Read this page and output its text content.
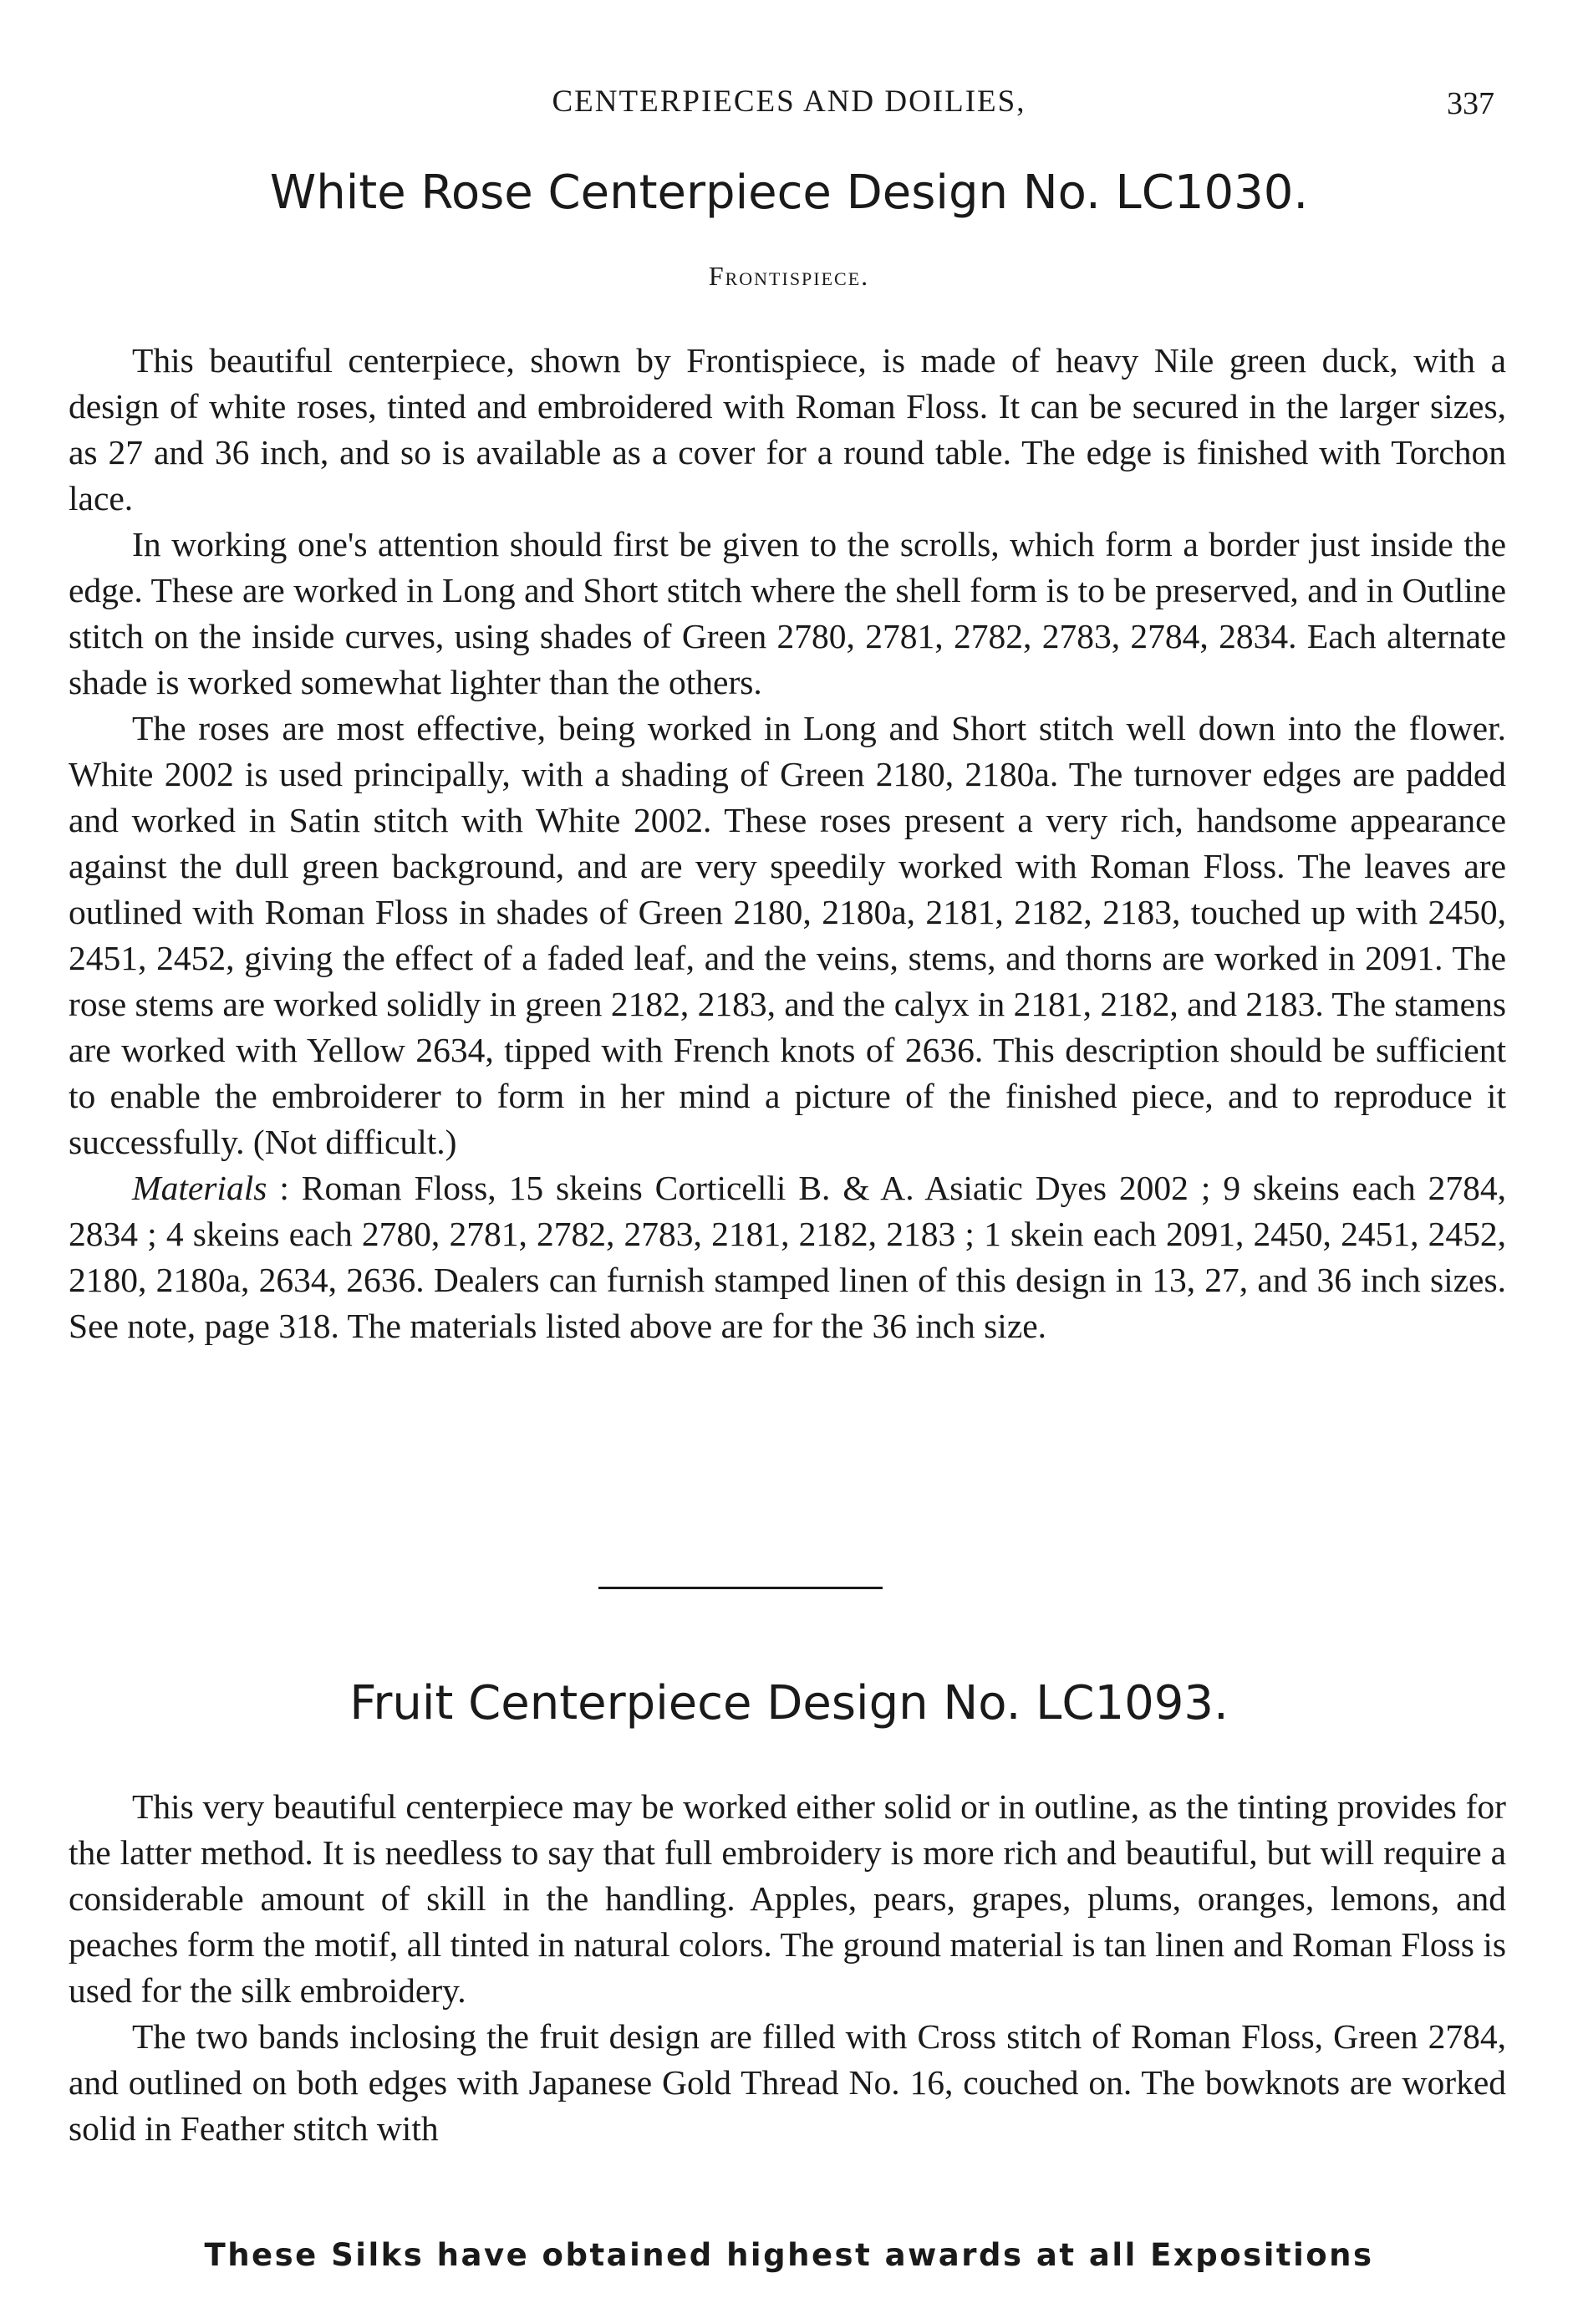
CENTERPIECES AND DOILIES,	337
White Rose Centerpiece Design No. LC1030.
Frontispiece.

This beautiful centerpiece, shown by Frontispiece, is made of heavy Nile green duck, with a design of white roses, tinted and embroidered with Roman Floss. It can be secured in the larger sizes, as 27 and 36 inch, and so is available as a cover for a round table. The edge is finished with Torchon lace.

In working one's attention should first be given to the scrolls, which form a border just inside the edge. These are worked in Long and Short stitch where the shell form is to be preserved, and in Outline stitch on the inside curves, using shades of Green 2780, 2781, 2782, 2783, 2784, 2834. Each alternate shade is worked somewhat lighter than the others.

The roses are most effective, being worked in Long and Short stitch well down into the flower. White 2002 is used principally, with a shading of Green 2180, 2180a. The turnover edges are padded and worked in Satin stitch with White 2002. These roses present a very rich, handsome appearance against the dull green background, and are very speedily worked with Roman Floss. The leaves are outlined with Roman Floss in shades of Green 2180, 2180a, 2181, 2182, 2183, touched up with 2450, 2451, 2452, giving the effect of a faded leaf, and the veins, stems, and thorns are worked in 2091. The rose stems are worked solidly in green 2182, 2183, and the calyx in 2181, 2182, and 2183. The stamens are worked with Yellow 2634, tipped with French knots of 2636. This description should be sufficient to enable the embroiderer to form in her mind a picture of the finished piece, and to reproduce it successfully. (Not difficult.)

Materials : Roman Floss, 15 skeins Corticelli B. & A. Asiatic Dyes 2002 ; 9 skeins each 2784, 2834 ; 4 skeins each 2780, 2781, 2782, 2783, 2181, 2182, 2183 ; 1 skein each 2091, 2450, 2451, 2452, 2180, 2180a, 2634, 2636. Dealers can furnish stamped linen of this design in 13, 27, and 36 inch sizes. See note, page 318. The materials listed above are for the 36 inch size.

Fruit Centerpiece Design No. LC1093.

This very beautiful centerpiece may be worked either solid or in outline, as the tinting provides for the latter method. It is needless to say that full embroidery is more rich and beautiful, but will require a considerable amount of skill in the handling. Apples, pears, grapes, plums, oranges, lemons, and peaches form the motif, all tinted in natural colors. The ground material is tan linen and Roman Floss is used for the silk embroidery.

The two bands inclosing the fruit design are filled with Cross stitch of Roman Floss, Green 2784, and outlined on both edges with Japanese Gold Thread No. 16, couched on. The bowknots are worked solid in Feather stitch with

These Silks have obtained highest awards at all Expositions
